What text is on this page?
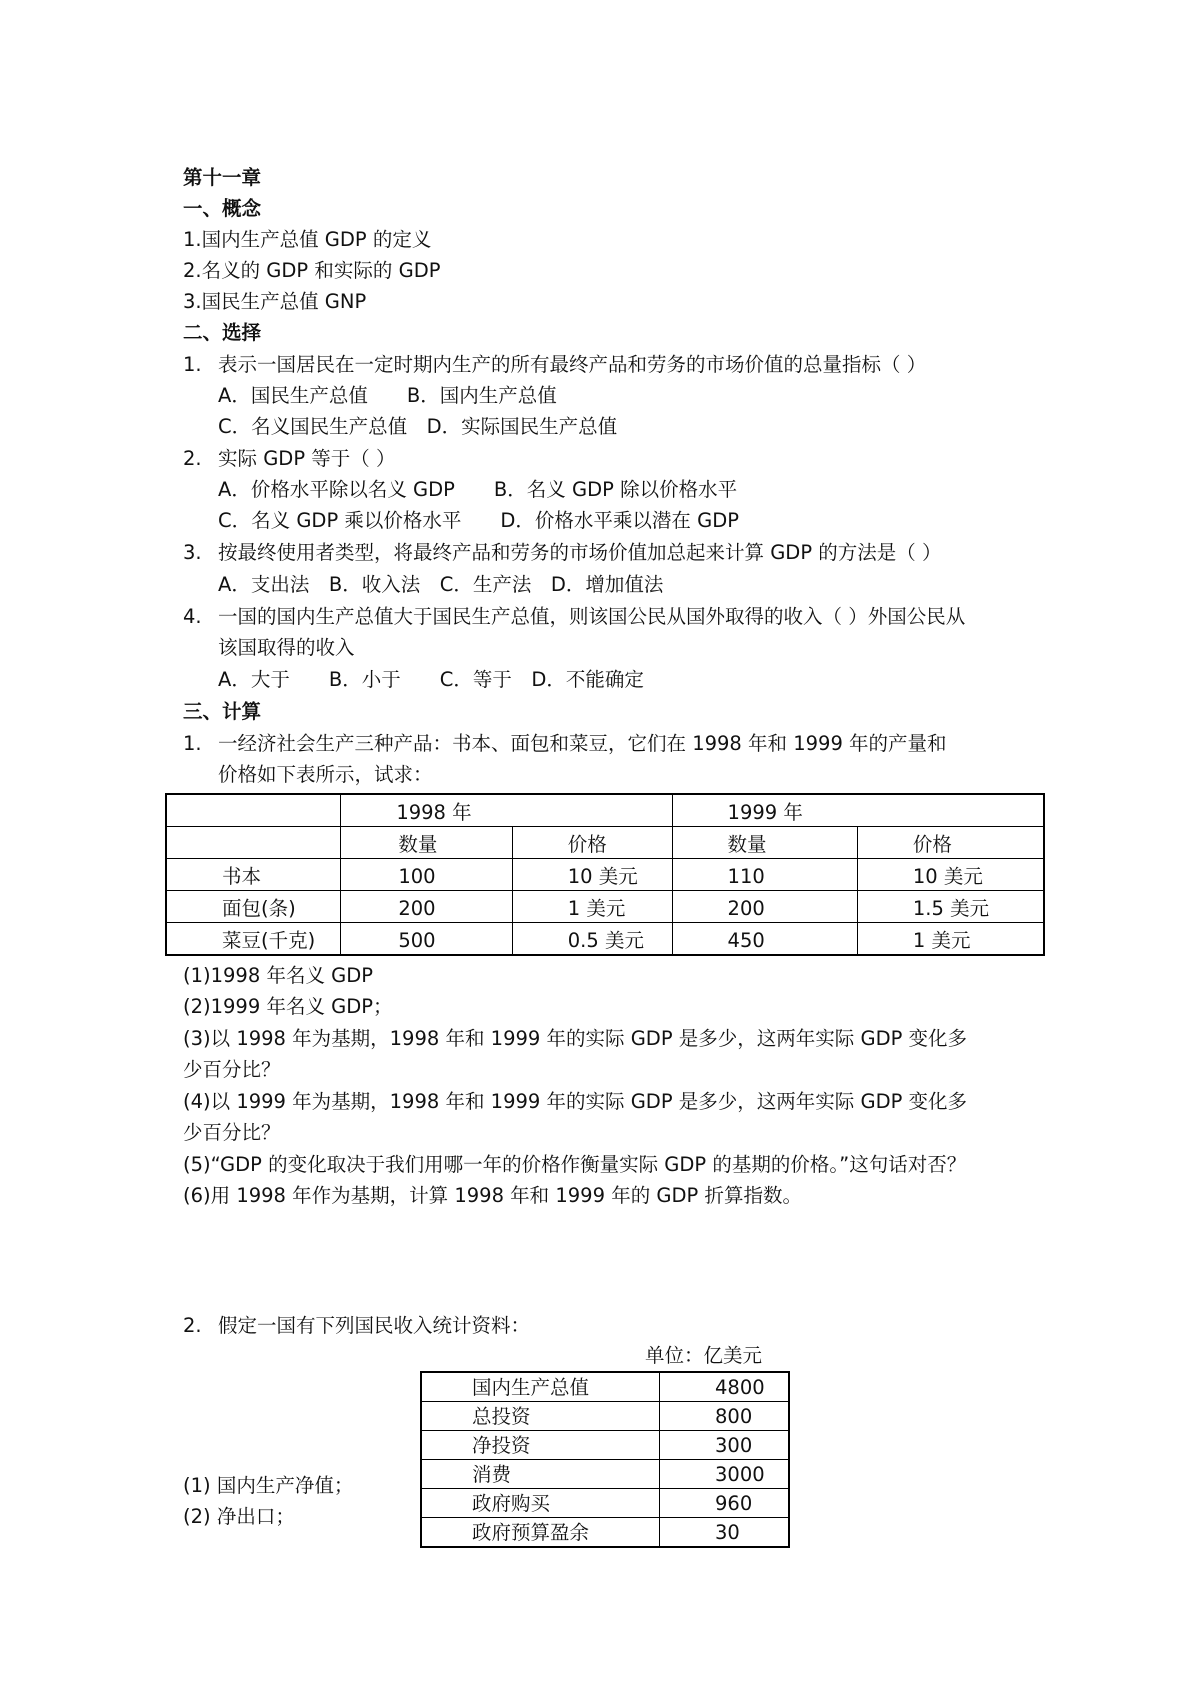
第十一章
一、概念
1.国内生产总值 GDP 的定义
2.名义的 GDP 和实际的 GDP
3.国民生产总值 GNP
二、选择
1. 表示一国居民在一定时期内生产的所有最终产品和劳务的市场价值的总量指标（ ）
A．国民生产总值　　B．国内生产总值
C．名义国民生产总值　D．实际国民生产总值
2. 实际 GDP 等于（ ）
A．价格水平除以名义 GDP　　B．名义 GDP 除以价格水平
C．名义 GDP 乘以价格水平　　D．价格水平乘以潜在 GDP
3. 按最终使用者类型，将最终产品和劳务的市场价值加总起来计算 GDP 的方法是（ ）
A．支出法　B．收入法　C．生产法　D．增加值法
4. 一国的国内生产总值大于国民生产总值，则该国公民从国外取得的收入（ ）外国公民从
该国取得的收入
A．大于　　B．小于　　C．等于　D．不能确定
三、计算
1. 一经济社会生产三种产品：书本、面包和菜豆，它们在 1998 年和 1999 年的产量和
价格如下表所示，试求：
	1998 年		1999 年	
	数量	价格	数量	价格
书本	100	10 美元	110	10 美元
面包(条)	200	1 美元	200	1.5 美元
菜豆(千克)	500	0.5 美元	450	1 美元
(1)1998 年名义 GDP
(2)1999 年名义 GDP；
(3)以 1998 年为基期，1998 年和 1999 年的实际 GDP 是多少，这两年实际 GDP 变化多
少百分比？
(4)以 1999 年为基期，1998 年和 1999 年的实际 GDP 是多少，这两年实际 GDP 变化多
少百分比？
(5)“GDP 的变化取决于我们用哪一年的价格作衡量实际 GDP 的基期的价格。”这句话对否？
(6)用 1998 年作为基期，计算 1998 年和 1999 年的 GDP 折算指数。
2. 假定一国有下列国民收入统计资料：
单位：亿美元
国内生产总值	4800
总投资	800
净投资	300
消费	3000
政府购买	960
政府预算盈余	30
(1) 国内生产净值；
(2) 净出口；
